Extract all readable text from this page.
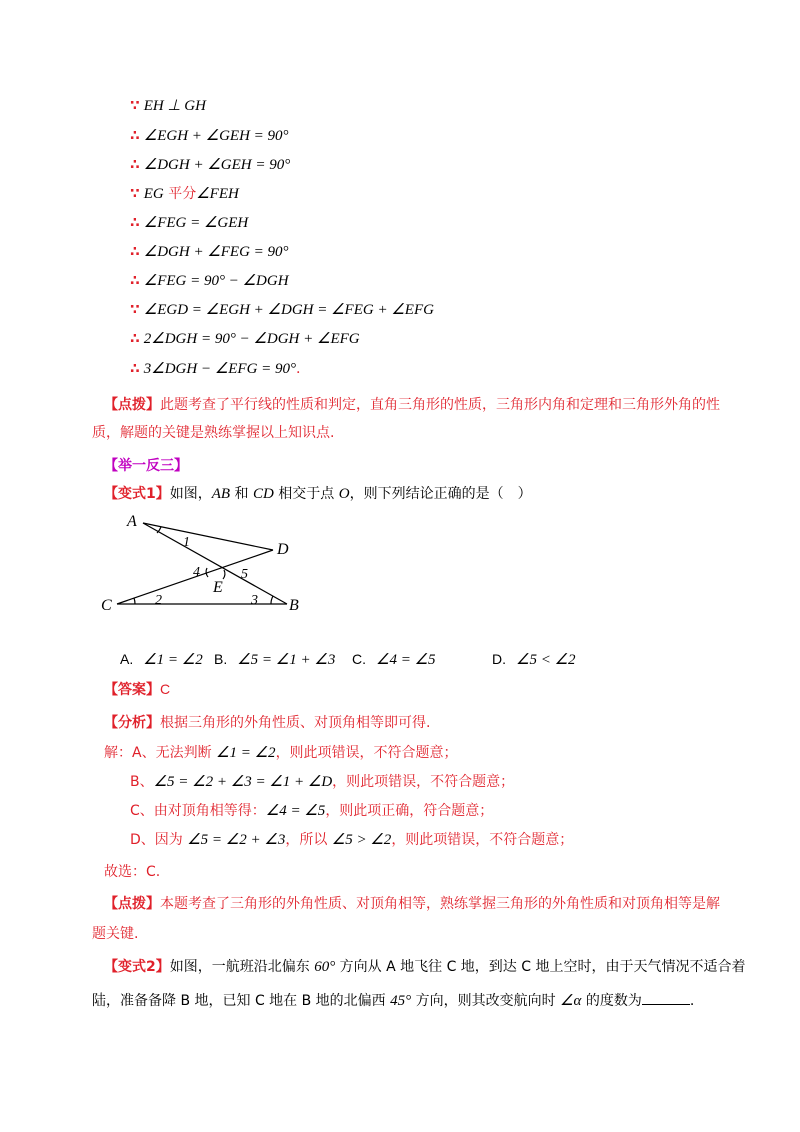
∵ EH ⊥ GH
∴ ∠EGH + ∠GEH = 90°
∴ ∠DGH + ∠GEH = 90°
∵ EG 平分∠FEH
∴ ∠FEG = ∠GEH
∴ ∠DGH + ∠FEG = 90°
∴ ∠FEG = 90° − ∠DGH
∵ ∠EGD = ∠EGH + ∠DGH = ∠FEG + ∠EFG
∴ 2∠DGH = 90° − ∠DGH + ∠EFG
∴ 3∠DGH − ∠EFG = 90°.
【点拨】此题考查了平行线的性质和判定，直角三角形的性质，三角形内角和定理和三角形外角的性
质，解题的关键是熟练掌握以上知识点.
【举一反三】
【变式1】如图，AB 和 CD 相交于点 O，则下列结论正确的是（　）
A
D
C	B
E
1
2	3
4	5
A. ∠1 = ∠2 B. ∠5 = ∠1 + ∠3 C. ∠4 = ∠5	D. ∠5 < ∠2
【答案】C
【分析】根据三角形的外角性质、对顶角相等即可得.
解：A、无法判断 ∠1 = ∠2，则此项错误，不符合题意；
B、∠5 = ∠2 + ∠3 = ∠1 + ∠D，则此项错误，不符合题意；
C、由对顶角相等得：∠4 = ∠5，则此项正确，符合题意；
D、因为 ∠5 = ∠2 + ∠3，所以 ∠5 > ∠2，则此项错误，不符合题意；
故选：C.
【点拨】本题考查了三角形的外角性质、对顶角相等，熟练掌握三角形的外角性质和对顶角相等是解
题关键.
【变式2】如图，一航班沿北偏东 60° 方向从 A 地飞往 C 地，到达 C 地上空时，由于天气情况不适合着
陆，准备备降 B 地，已知 C 地在 B 地的北偏西 45° 方向，则其改变航向时 ∠α 的度数为	.
